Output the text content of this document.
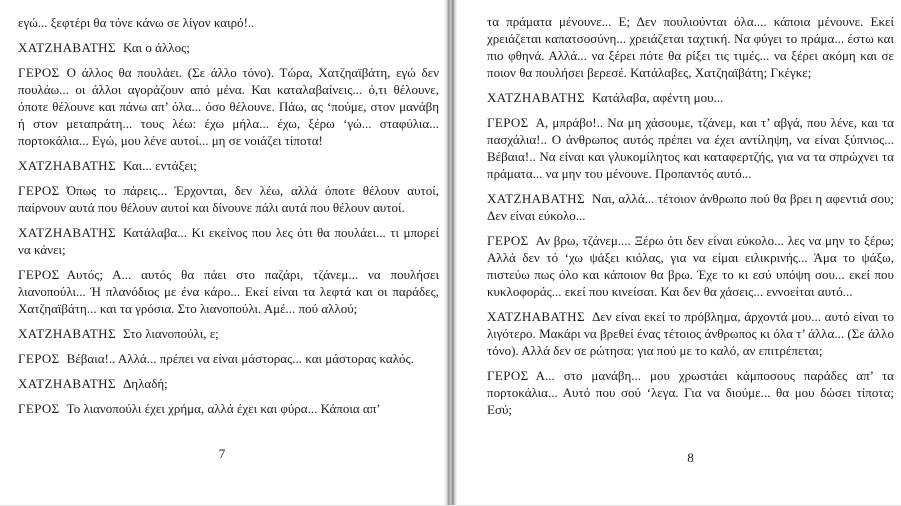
εγώ... ξεφτέρι θα τόνε κάνω σε λίγον καιρό!..

ΧΑΤΖΗΑΒΑΤΗΣ Και ο άλλος;

ΓΕΡΟΣ Ο άλλος θα πουλάει. (Σε άλλο τόνο). Τώρα, Χατζηαϊβάτη, εγώ δεν πουλάω... οι άλλοι αγοράζουν από μένα. Και καταλαβαίνεις... ό,τι θέλουνε, όποτε θέλουνε και πάνω απ’ όλα... όσο θέλουνε. Πάω, ας ‘πούμε, στον μανάβη ή στον μεταπράτη... τους λέω: έχω μήλα... έχω, ξέρω ‘γώ... σταφύλια... πορτοκάλια... Εγώ, μου λένε αυτοί... μη σε νοιάζει τίποτα!

ΧΑΤΖΗΑΒΑΤΗΣ Και... εντάξει;

ΓΕΡΟΣ Όπως το πάρεις... Έρχονται, δεν λέω, αλλά όποτε θέλουν αυτοί, παίρνουν αυτά που θέλουν αυτοί και δίνουνε πάλι αυτά που θέλουν αυτοί.

ΧΑΤΖΗΑΒΑΤΗΣ Κατάλαβα... Κι εκείνος που λες ότι θα πουλάει... τι μπορεί να κάνει;

ΓΕΡΟΣ Αυτός; Α... αυτός θα πάει στο παζάρι, τζάνεμ... να πουλήσει λιανοπούλι... Ή πλανόδιος με ένα κάρο... Εκεί είναι τα λεφτά και οι παράδες, Χατζηαϊβάτη... και τα γρόσια. Στο λιανοπούλι. Αμέ... πού αλλού;

ΧΑΤΖΗΑΒΑΤΗΣ Στο λιανοπούλι, ε;

ΓΕΡΟΣ Βέβαια!.. Αλλά... πρέπει να είναι μάστορας... και μάστορας καλός.

ΧΑΤΖΗΑΒΑΤΗΣ Δηλαδή;

ΓΕΡΟΣ Το λιανοπούλι έχει χρήμα, αλλά έχει και φύρα... Κάποια απ’

7

τα πράματα μένουνε... Ε; Δεν πουλιούνται όλα.... κάποια μένουνε. Εκεί χρειάζεται καπατσοσύνη... χρειάζεται ταχτική. Να φύγει το πράμα... έστω και πιο φθηνά. Αλλά... να ξέρει πότε θα ρίξει τις τιμές... να ξέρει ακόμη και σε ποιον θα πουλήσει βερεσέ. Κατάλαβες, Χατζηαϊβάτη; Γκέγκε;

ΧΑΤΖΗΑΒΑΤΗΣ Κατάλαβα, αφέντη μου...

ΓΕΡΟΣ Α, μπράβο!.. Να μη χάσουμε, τζάνεμ, και τ’ αβγά, που λένε, και τα πασχάλια!.. Ο άνθρωπος αυτός πρέπει να έχει αντίληψη, να είναι ξύπνιος... Βέβαια!.. Να είναι και γλυκομίλητος και καταφερτζής, για να τα σπρώχνει τα πράματα... να μην του μένουνε. Προπαντός αυτό...

ΧΑΤΖΗΑΒΑΤΗΣ Ναι, αλλά... τέτοιον άνθρωπο πού θα βρει η αφεντιά σου; Δεν είναι εύκολο...

ΓΕΡΟΣ Αν βρω, τζάνεμ.... Ξέρω ότι δεν είναι εύκολο... λες να μην το ξέρω; Αλλά δεν τό ‘χω ψάξει κιόλας, για να είμαι ειλικρινής... Άμα το ψάξω, πιστεύω πως όλο και κάποιον θα βρω. Έχε το κι εσύ υπόψη σου... εκεί που κυκλοφοράς... εκεί που κινείσαι. Και δεν θα χάσεις... εννοείται αυτό...

ΧΑΤΖΗΑΒΑΤΗΣ Δεν είναι εκεί το πρόβλημα, άρχοντά μου... αυτό είναι το λιγότερο. Μακάρι να βρεθεί ένας τέτοιος άνθρωπος κι όλα τ’ άλλα... (Σε άλλο τόνο). Αλλά δεν σε ρώτησα: για πού με το καλό, αν επιτρέπεται;

ΓΕΡΟΣ Α... στο μανάβη... μου χρωστάει κάμποσους παράδες απ’ τα πορτοκάλια... Αυτό που σού ‘λεγα. Για να διούμε... θα μου δώσει τίποτα; Εσύ;

8
